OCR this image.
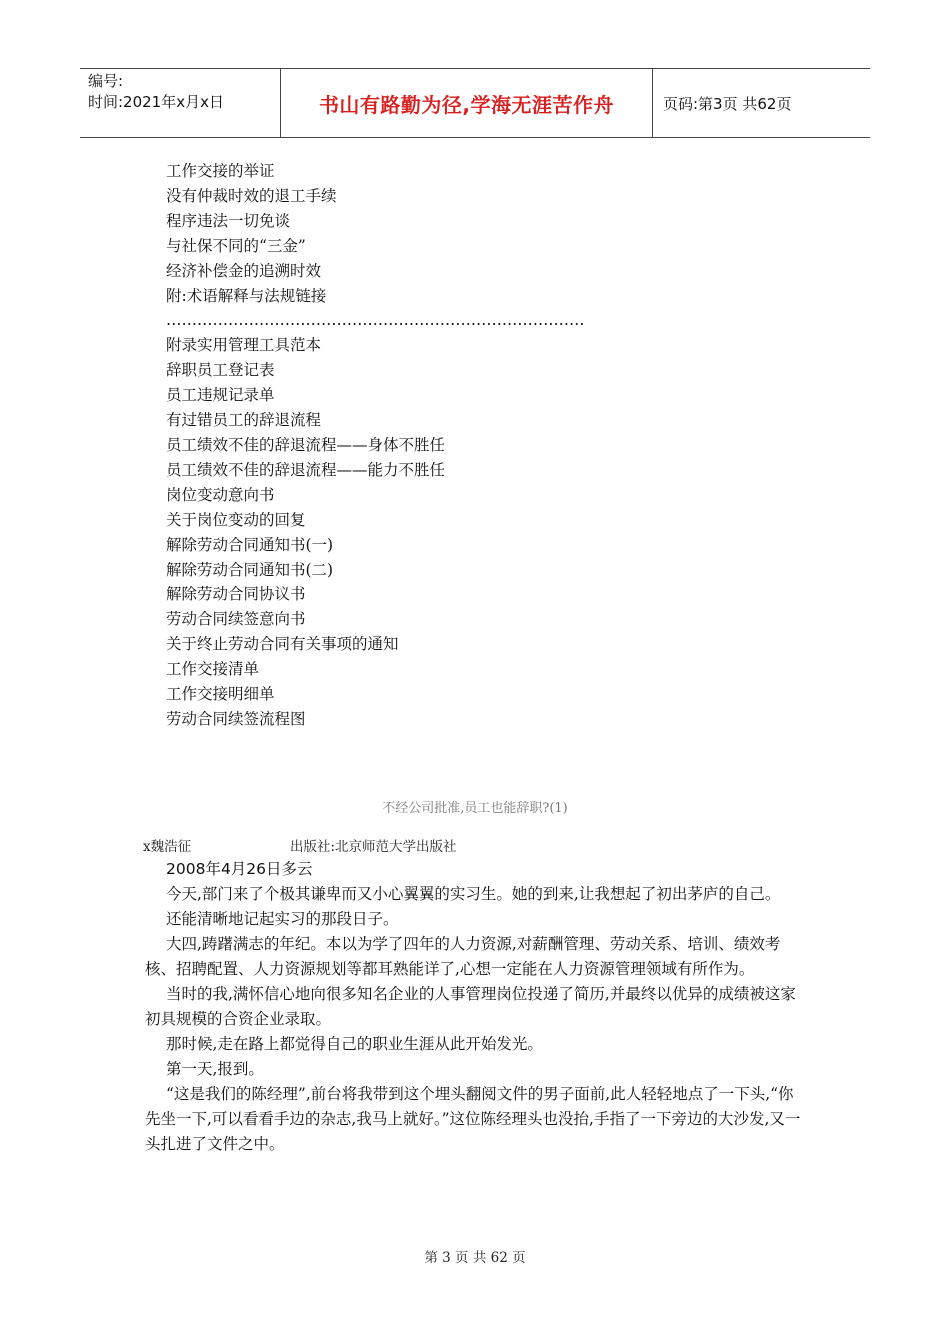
编号:
时间:2021年x月x日	书山有路勤为径,学海无涯苦作舟	页码:第3页 共62页
工作交接的举证
没有仲裁时效的退工手续
程序违法一切免谈
与社保不同的“三金”
经济补偿金的追溯时效
附:术语解释与法规链接
………………………………………………………………………
附录实用管理工具范本
辞职员工登记表
员工违规记录单
有过错员工的辞退流程
员工绩效不佳的辞退流程——身体不胜任
员工绩效不佳的辞退流程——能力不胜任
岗位变动意向书
关于岗位变动的回复
解除劳动合同通知书(一)
解除劳动合同通知书(二)
解除劳动合同协议书
劳动合同续签意向书
关于终止劳动合同有关事项的通知
工作交接清单
工作交接明细单
劳动合同续签流程图
不经公司批准,员工也能辞职?(1)
x魏浩征	出版社:北京师范大学出版社

2008年4月26日多云

今天,部门来了个极其谦卑而又小心翼翼的实习生。她的到来,让我想起了初出茅庐的自己。

还能清晰地记起实习的那段日子。

大四,踌躇满志的年纪。本以为学了四年的人力资源,对薪酬管理、劳动关系、培训、绩效考核、招聘配置、人力资源规划等都耳熟能详了,心想一定能在人力资源管理领域有所作为。

当时的我,满怀信心地向很多知名企业的人事管理岗位投递了简历,并最终以优异的成绩被这家初具规模的合资企业录取。

那时候,走在路上都觉得自己的职业生涯从此开始发光。

第一天,报到。

“这是我们的陈经理”,前台将我带到这个埋头翻阅文件的男子面前,此人轻轻地点了一下头,“你先坐一下,可以看看手边的杂志,我马上就好。”这位陈经理头也没抬,手指了一下旁边的大沙发,又一头扎进了文件之中。

第 3 页 共 62 页
